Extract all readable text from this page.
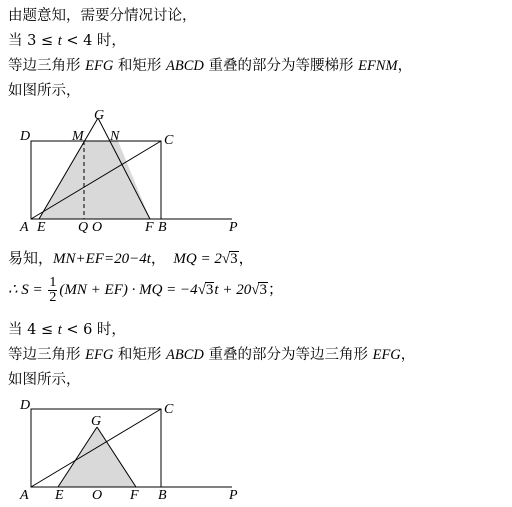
由题意知，需要分情况讨论，
当 3 ≤ t < 4 时，
等边三角形 EFG 和矩形 ABCD 重叠的部分为等腰梯形 EFNM，
如图所示，
D	M
G
N	C
A E Q O	F B	P
易知，MN+EF=20−4t， MQ = 2√3，
∴ $S = \frac{1}{2} (MN + EF)$ · MQ = −4√3t + 20√3；
当 4 ≤ t < 6 时，
等边三角形 EFG 和矩形 ABCD 重叠的部分为等边三角形 EFG，
如图所示，
D
G
C
A E O F B	P
